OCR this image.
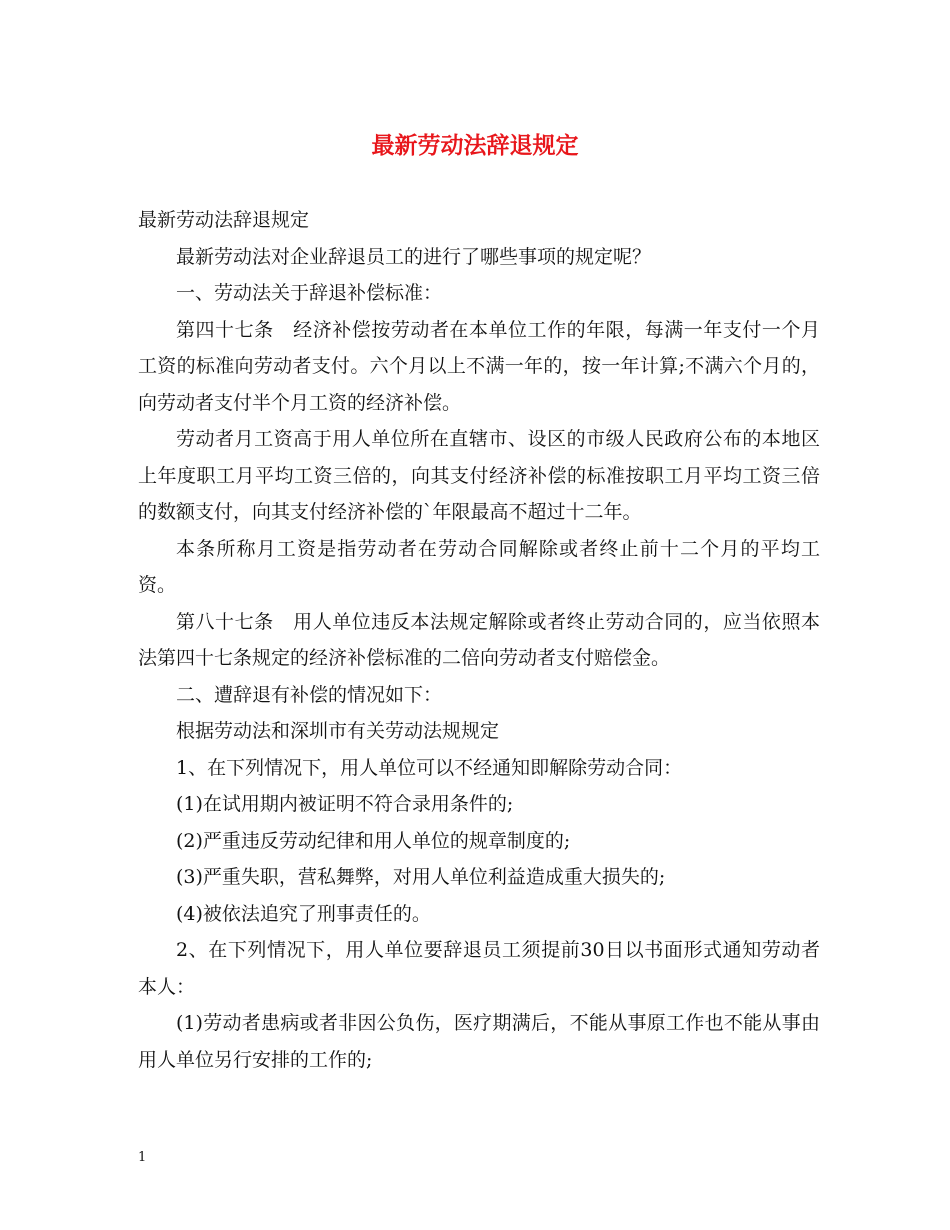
最新劳动法辞退规定

最新劳动法辞退规定

最新劳动法对企业辞退员工的进行了哪些事项的规定呢？

一、劳动法关于辞退补偿标准：

第四十七条　经济补偿按劳动者在本单位工作的年限，每满一年支付一个月工资的标准向劳动者支付。六个月以上不满一年的，按一年计算;不满六个月的，向劳动者支付半个月工资的经济补偿。

劳动者月工资高于用人单位所在直辖市、设区的市级人民政府公布的本地区上年度职工月平均工资三倍的，向其支付经济补偿的标准按职工月平均工资三倍的数额支付，向其支付经济补偿的`年限最高不超过十二年。

本条所称月工资是指劳动者在劳动合同解除或者终止前十二个月的平均工资。

第八十七条　用人单位违反本法规定解除或者终止劳动合同的，应当依照本法第四十七条规定的经济补偿标准的二倍向劳动者支付赔偿金。

二、遭辞退有补偿的情况如下：

根据劳动法和深圳市有关劳动法规规定

1、在下列情况下，用人单位可以不经通知即解除劳动合同：

(1)在试用期内被证明不符合录用条件的;

(2)严重违反劳动纪律和用人单位的规章制度的;

(3)严重失职，营私舞弊，对用人单位利益造成重大损失的;

(4)被依法追究了刑事责任的。

2、在下列情况下，用人单位要辞退员工须提前30日以书面形式通知劳动者本人：

(1)劳动者患病或者非因公负伤，医疗期满后，不能从事原工作也不能从事由用人单位另行安排的工作的;

1
